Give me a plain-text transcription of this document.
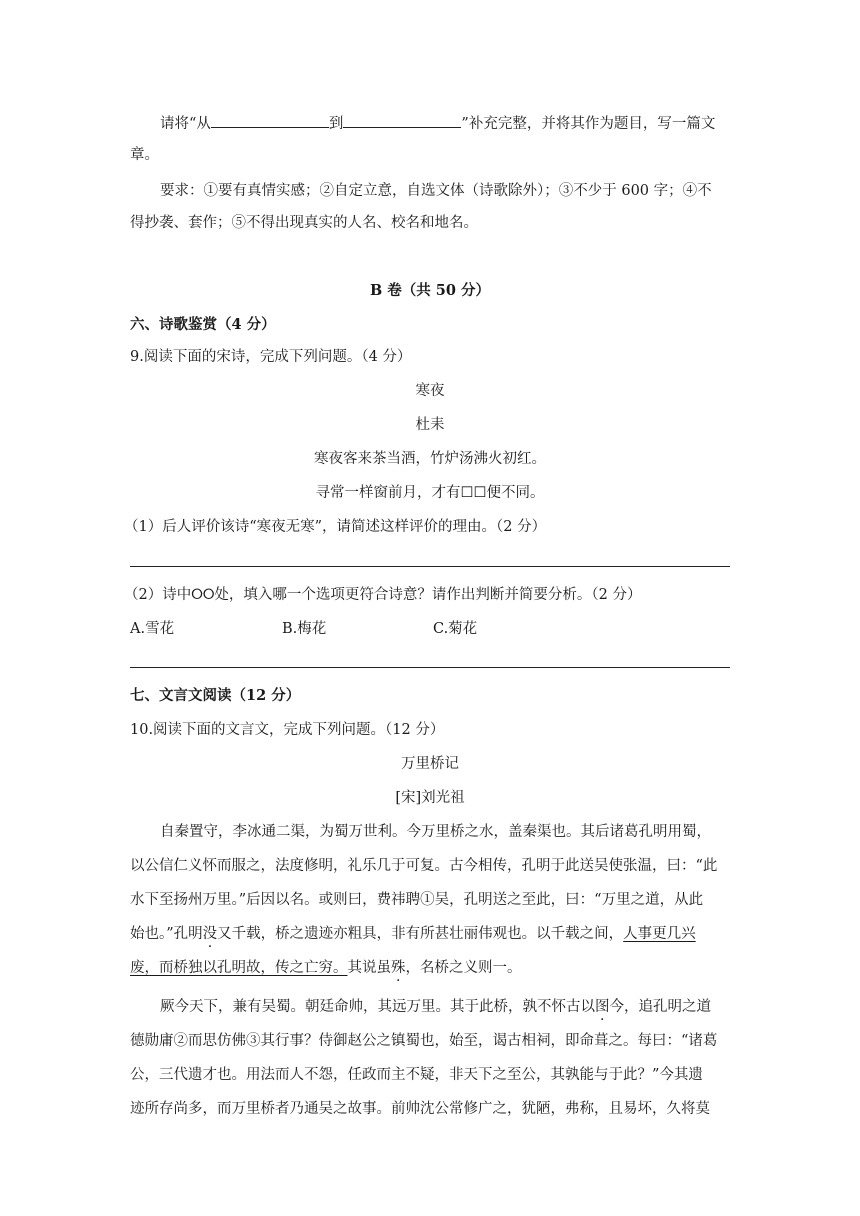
请将“从	到	”补充完整，并将其作为题目，写一篇文
章。
要求：①要有真情实感；②自定立意，自选文体（诗歌除外）；③不少于 600 字；④不
得抄袭、套作；⑤不得出现真实的人名、校名和地名。
B 卷（共 50 分）
六、诗歌鉴赏（4 分）
9.阅读下面的宋诗，完成下列问题。（4 分）
寒夜
杜耒
寒夜客来茶当酒，竹炉汤沸火初红。
寻常一样窗前月，才有☐☐便不同。
（1）后人评价该诗“寒夜无寒”，请简述这样评价的理由。（2 分）
（2）诗中⭘⭘处，填入哪一个选项更符合诗意？请作出判断并简要分析。（2 分）
A.雪花	B.梅花	C.菊花
七、文言文阅读（12 分）
10.阅读下面的文言文，完成下列问题。（12 分）
万里桥记
[宋]刘光祖
自秦置守，李冰通二渠，为蜀万世利。今万里桥之水，盖秦渠也。其后诸葛孔明用蜀，
以公信仁义怀而服之，法度修明，礼乐几于可复。古今相传，孔明于此送吴使张温，曰：“此
水下至扬州万里。”后因以名。或则曰，费祎聘①吴，孔明送之至此，曰：“万里之道，从此
始也。”孔明没又千载，桥之遗迹亦粗具，非有所甚壮丽伟观也。以千载之间，人事更几兴
废，而桥独以孔明故，传之亡穷。其说虽殊，名桥之义则一。
厥今天下，兼有吴蜀。朝廷命帅，其远万里。其于此桥，孰不怀古以图今，追孔明之道
德勋庸②而思仿佛③其行事？侍御赵公之镇蜀也，始至，谒古相祠，即命葺之。每曰：“诸葛
公，三代遗才也。用法而人不怨，任政而主不疑，非天下之至公，其孰能与于此？”今其遗
迹所存尚多，而万里桥者乃通吴之故事。前帅沈公常修广之，犹陋，弗称，且易坏，久将莫
